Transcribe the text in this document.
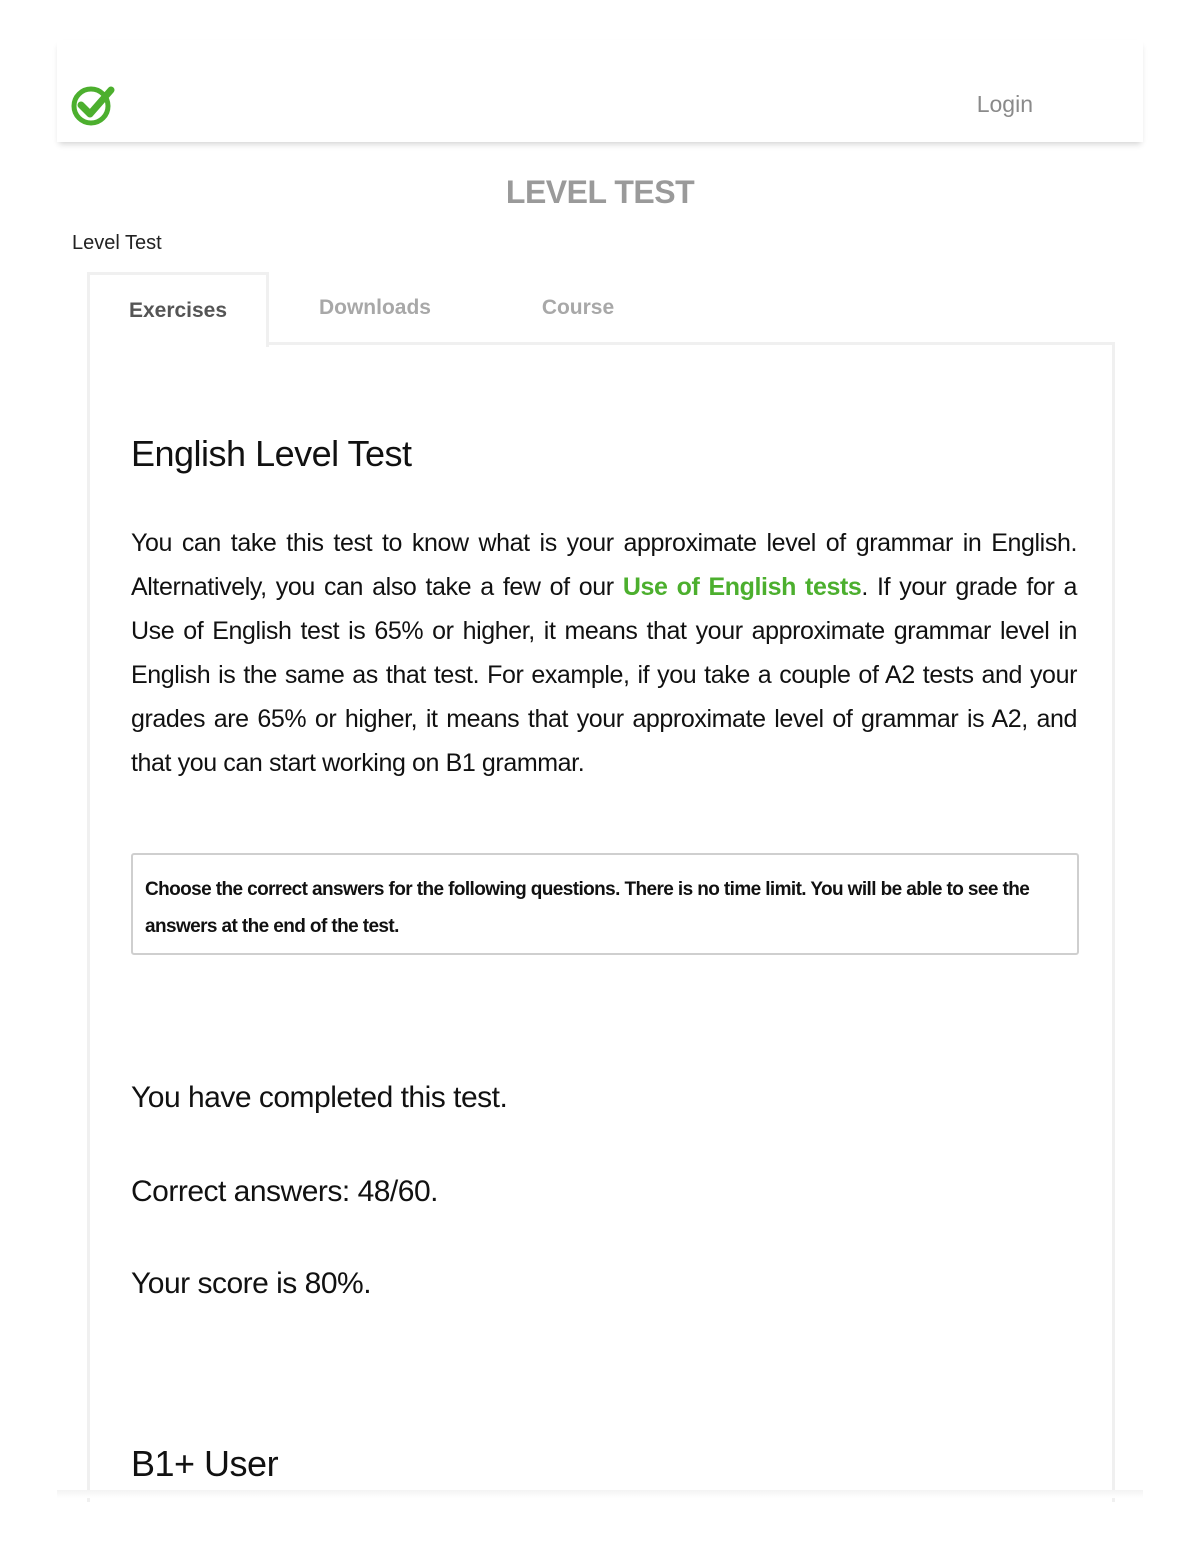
Login
LEVEL TEST
Level Test
Exercises	Downloads	Course
English Level Test

You can take this test to know what is your approximate level of grammar in English. Alternatively, you can also take a few of our Use of English tests. If your grade for a Use of English test is 65% or higher, it means that your approximate grammar level in English is the same as that test. For example, if you take a couple of A2 tests and your grades are 65% or higher, it means that your approximate level of grammar is A2, and that you can start working on B1 grammar.

Choose the correct answers for the following questions. There is no time limit. You will be able to see the answers at the end of the test.
You have completed this test.
Correct answers: 48/60.
Your score is 80%.
B1+ User
